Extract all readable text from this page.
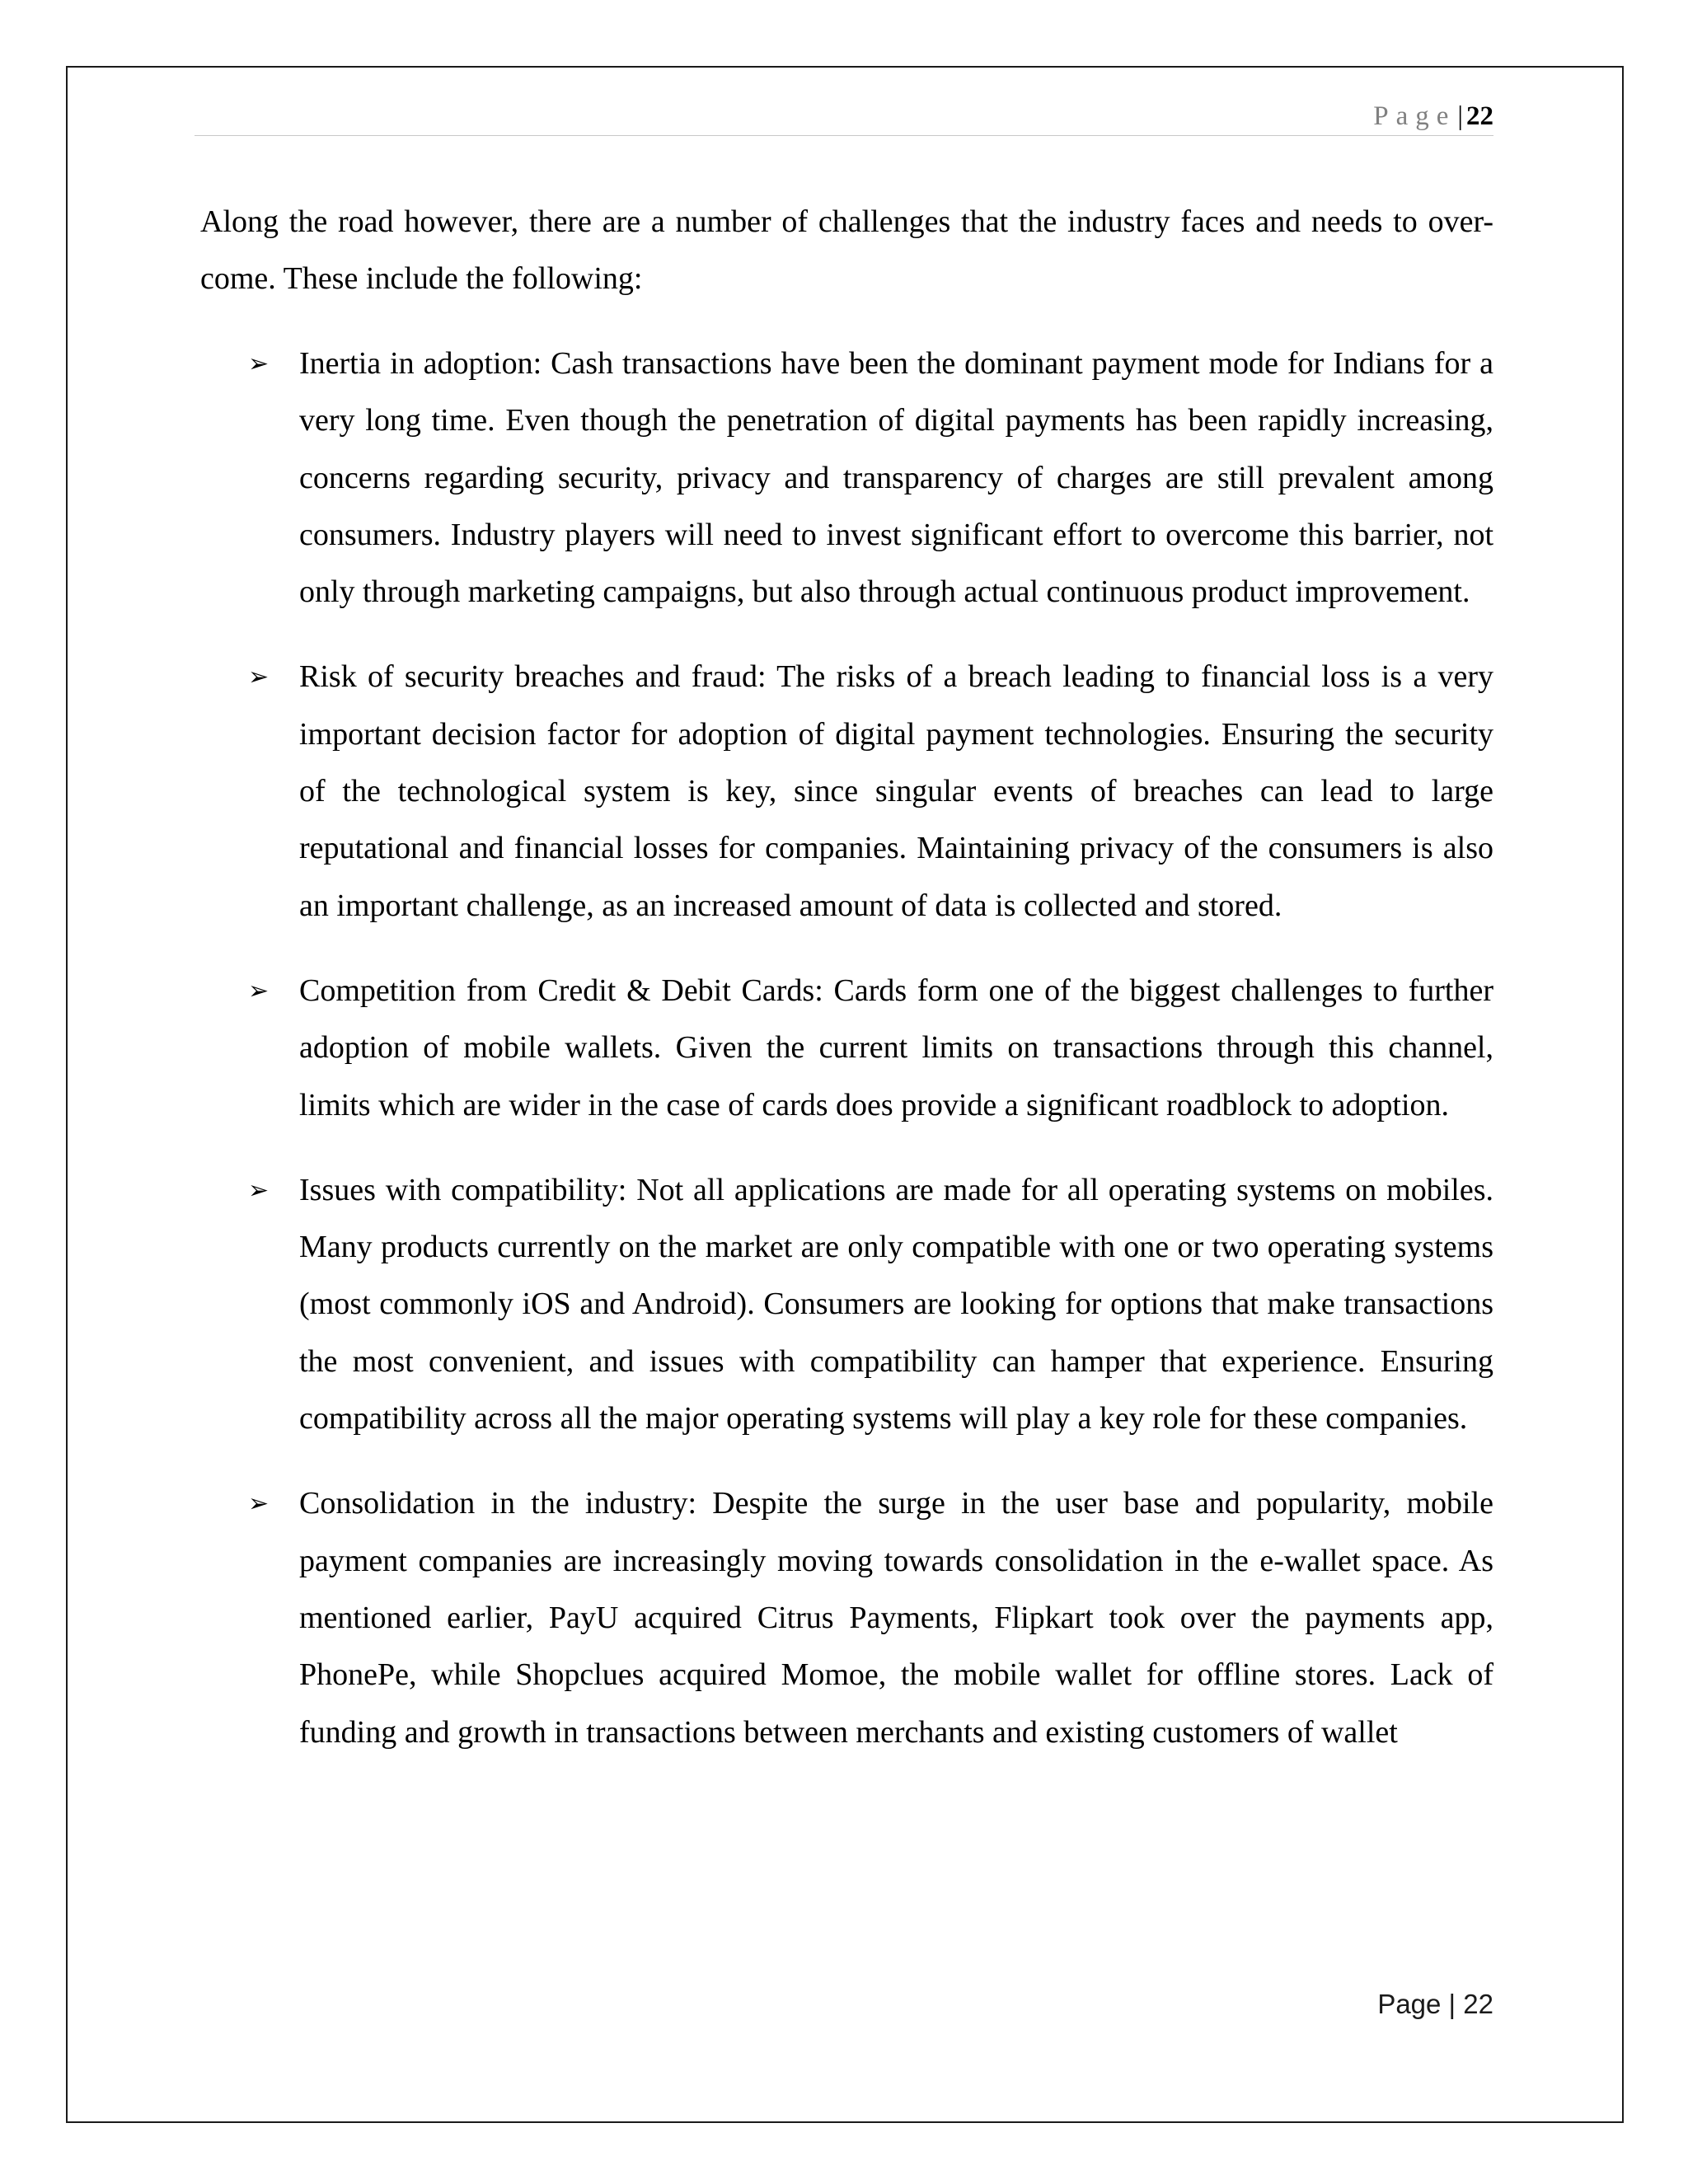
Page| 22

Along the road however, there are a number of challenges that the industry faces and needs to over-come. These include the following:

➢ Inertia in adoption: Cash transactions have been the dominant payment mode for Indians for a very long time. Even though the penetration of digital payments has been rapidly increasing, concerns regarding security, privacy and transparency of charges are still prevalent among consumers. Industry players will need to invest significant effort to overcome this barrier, not only through marketing campaigns, but also through actual continuous product improvement.
➢ Risk of security breaches and fraud: The risks of a breach leading to financial loss is a very important decision factor for adoption of digital payment technologies. Ensuring the security of the technological system is key, since singular events of breaches can lead to large reputational and financial losses for companies. Maintaining privacy of the consumers is also an important challenge, as an increased amount of data is collected and stored.
➢ Competition from Credit & Debit Cards: Cards form one of the biggest challenges to further adoption of mobile wallets. Given the current limits on transactions through this channel, limits which are wider in the case of cards does provide a significant roadblock to adoption.
➢ Issues with compatibility: Not all applications are made for all operating systems on mobiles. Many products currently on the market are only compatible with one or two operating systems (most commonly iOS and Android). Consumers are looking for options that make transactions the most convenient, and issues with compatibility can hamper that experience. Ensuring compatibility across all the major operating systems will play a key role for these companies.
➢ Consolidation in the industry: Despite the surge in the user base and popularity, mobile payment companies are increasingly moving towards consolidation in the e-wallet space. As mentioned earlier, PayU acquired Citrus Payments, Flipkart took over the payments app, PhonePe, while Shopclues acquired Momoe, the mobile wallet for offline stores. Lack of funding and growth in transactions between merchants and existing customers of wallet
Page | 22
